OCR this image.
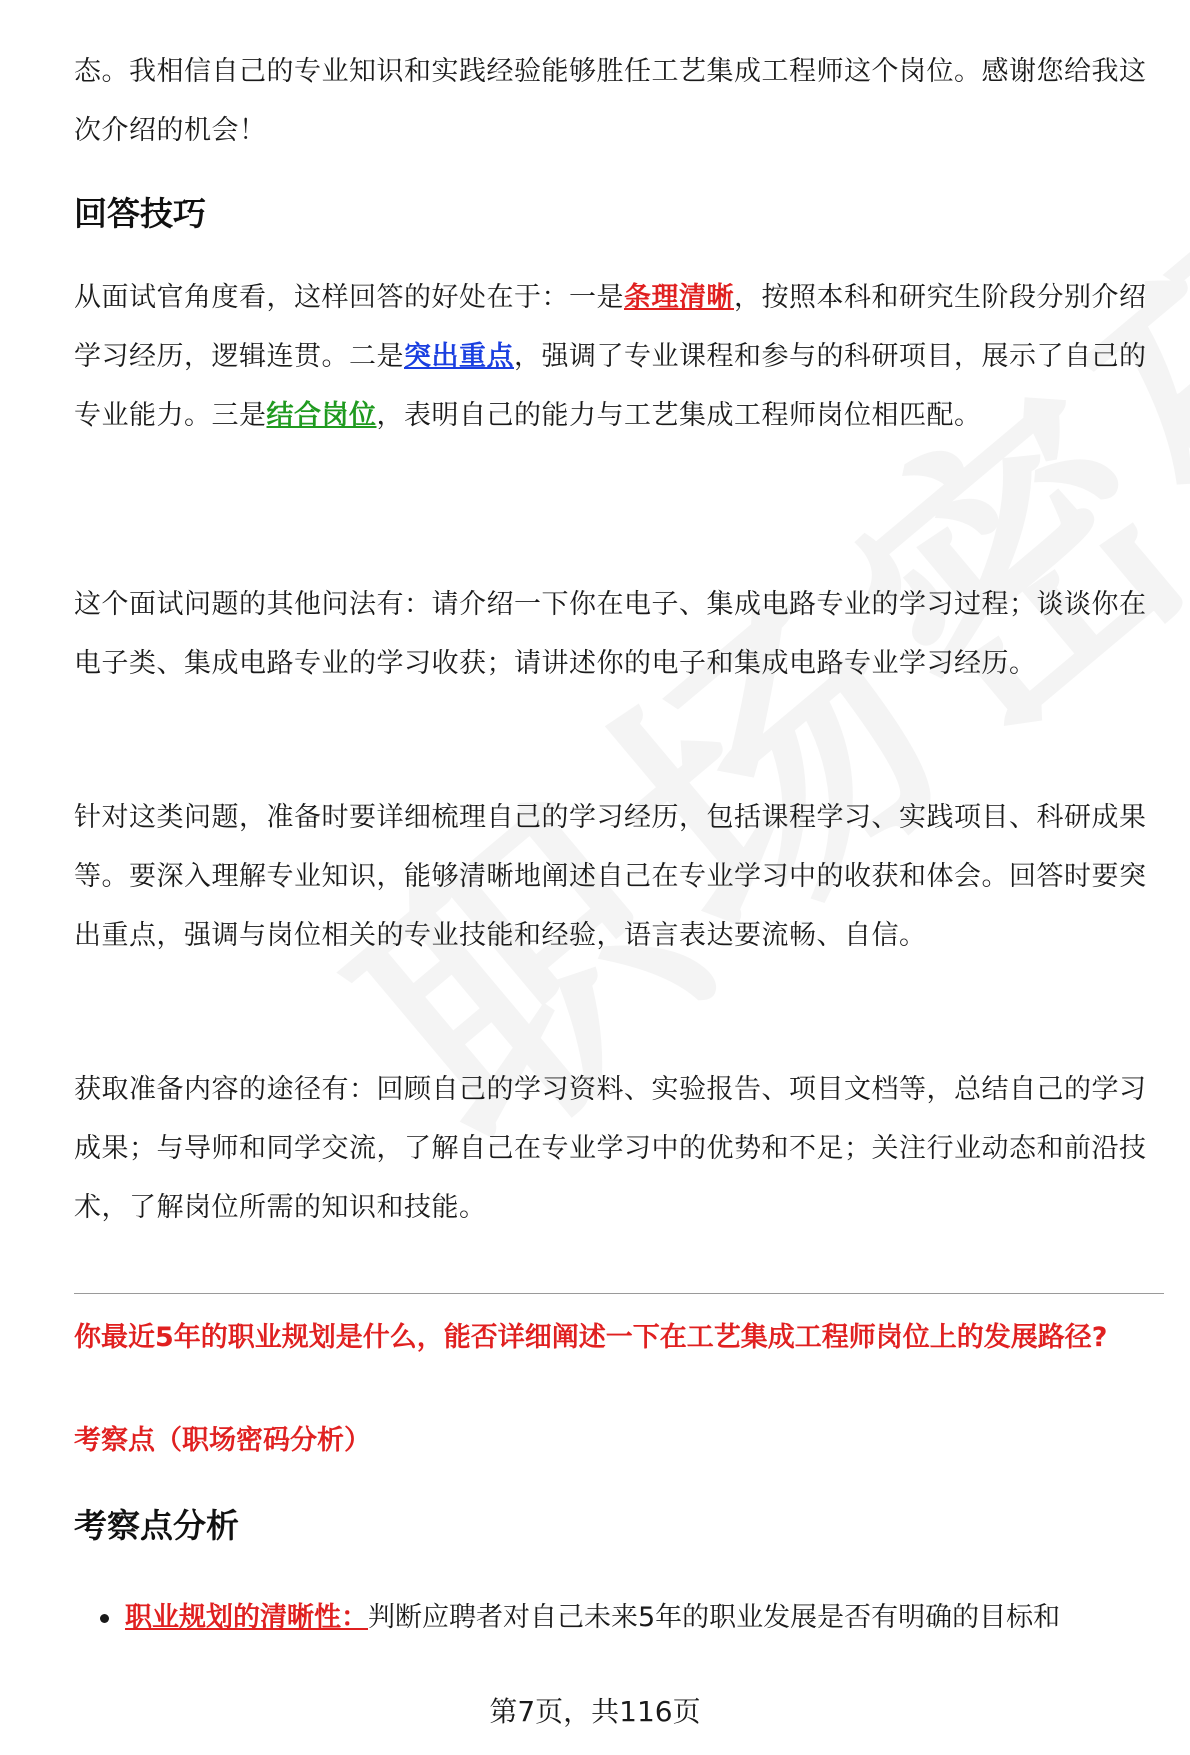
态。我相信自己的专业知识和实践经验能够胜任工艺集成工程师这个岗位。感谢您给我这次介绍的机会！

回答技巧

从面试官角度看，这样回答的好处在于：一是条理清晰，按照本科和研究生阶段分别介绍学习经历，逻辑连贯。二是突出重点，强调了专业课程和参与的科研项目，展示了自己的专业能力。三是结合岗位，表明自己的能力与工艺集成工程师岗位相匹配。

这个面试问题的其他问法有：请介绍一下你在电子、集成电路专业的学习过程；谈谈你在电子类、集成电路专业的学习收获；请讲述你的电子和集成电路专业学习经历。

针对这类问题，准备时要详细梳理自己的学习经历，包括课程学习、实践项目、科研成果等。要深入理解专业知识，能够清晰地阐述自己在专业学习中的收获和体会。回答时要突出重点，强调与岗位相关的专业技能和经验，语言表达要流畅、自信。

获取准备内容的途径有：回顾自己的学习资料、实验报告、项目文档等，总结自己的学习成果；与导师和同学交流，了解自己在专业学习中的优势和不足；关注行业动态和前沿技术，了解岗位所需的知识和技能。

你最近5年的职业规划是什么，能否详细阐述一下在工艺集成工程师岗位上的发展路径?
考察点（职场密码分析）
考察点分析
职业规划的清晰性：判断应聘者对自己未来5年的职业发展是否有明确的目标和
第7页，共116页
